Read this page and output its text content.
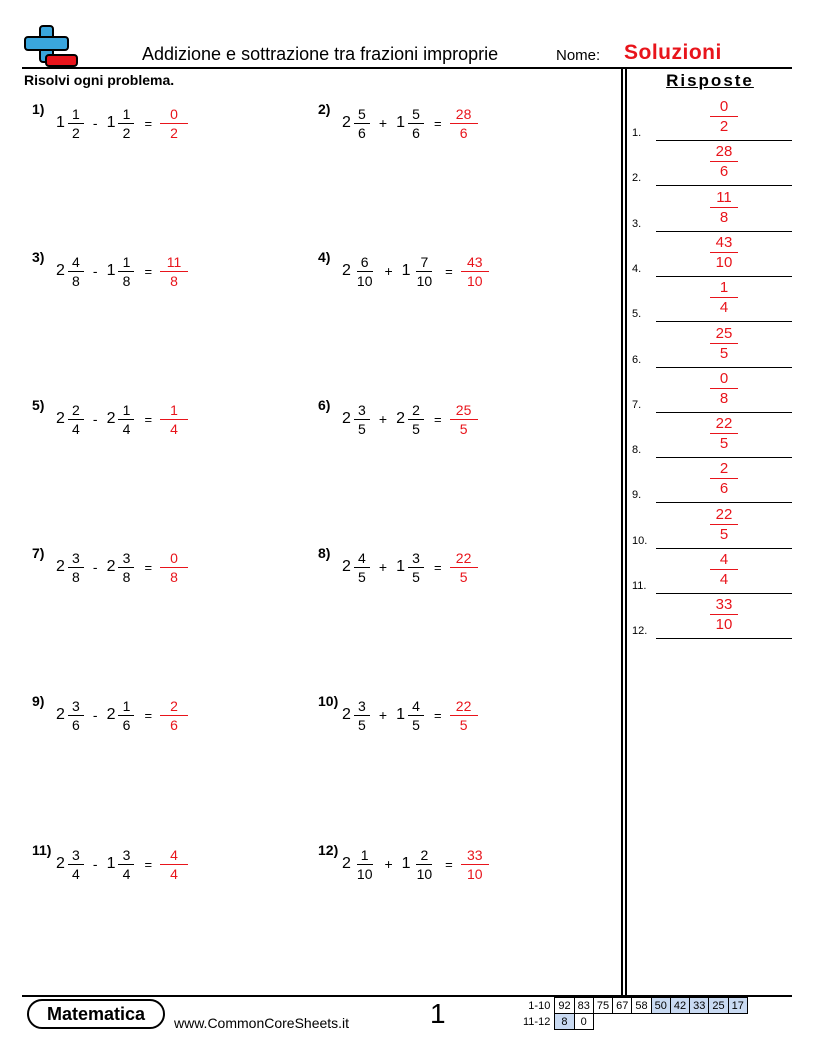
Addizione e sottrazione tra frazioni improprie	Nome: Soluzioni
Risolvi ogni problema.	Risposte
1)
$1 \frac{1}{2} - 1 \frac{1}{2} = \frac{0}{2}$	2)
$2 \frac{5}{6} + 1 \frac{5}{6} = \frac{28}{6}$
3)
$2 \frac{4}{8} - 1 \frac{1}{8} = \frac{11}{8}$	4)
$2 \frac{6}{10} + 1 \frac{7}{10} = \frac{43}{10}$
5)
$2 \frac{2}{4} - 2 \frac{1}{4} = \frac{1}{4}$	6)
$2 \frac{3}{5} + 2 \frac{2}{5} = \frac{25}{5}$
7)
$2 \frac{3}{8} - 2 \frac{3}{8} = \frac{0}{8}$	8)
$2 \frac{4}{5} + 1 \frac{3}{5} = \frac{22}{5}$
9)
$2 \frac{3}{6} - 2 \frac{1}{6} = \frac{2}{6}$	10)
$2 \frac{3}{5} + 1 \frac{4}{5} = \frac{22}{5}$
11)
$2 \frac{3}{4} - 1 \frac{3}{4} = \frac{4}{4}$	12)
$2 \frac{1}{10} + 1 \frac{2}{10} = \frac{33}{10}$
1.	$\frac{0}{2}$
2.	$\frac{28}{6}$
3.	$\frac{11}{8}$
4.	$\frac{43}{10}$
5.	$\frac{1}{4}$
6.	$\frac{25}{5}$
7.	$\frac{0}{8}$
8.	$\frac{22}{5}$
9.	$\frac{2}{6}$
10.	$\frac{22}{5}$
11.	$\frac{4}{4}$
12.	$\frac{33}{10}$
Matematica	www.CommonCoreSheets.it	1	1-10	92	83	75	67	58	50	42	33	25	17
11-12	8	0								
